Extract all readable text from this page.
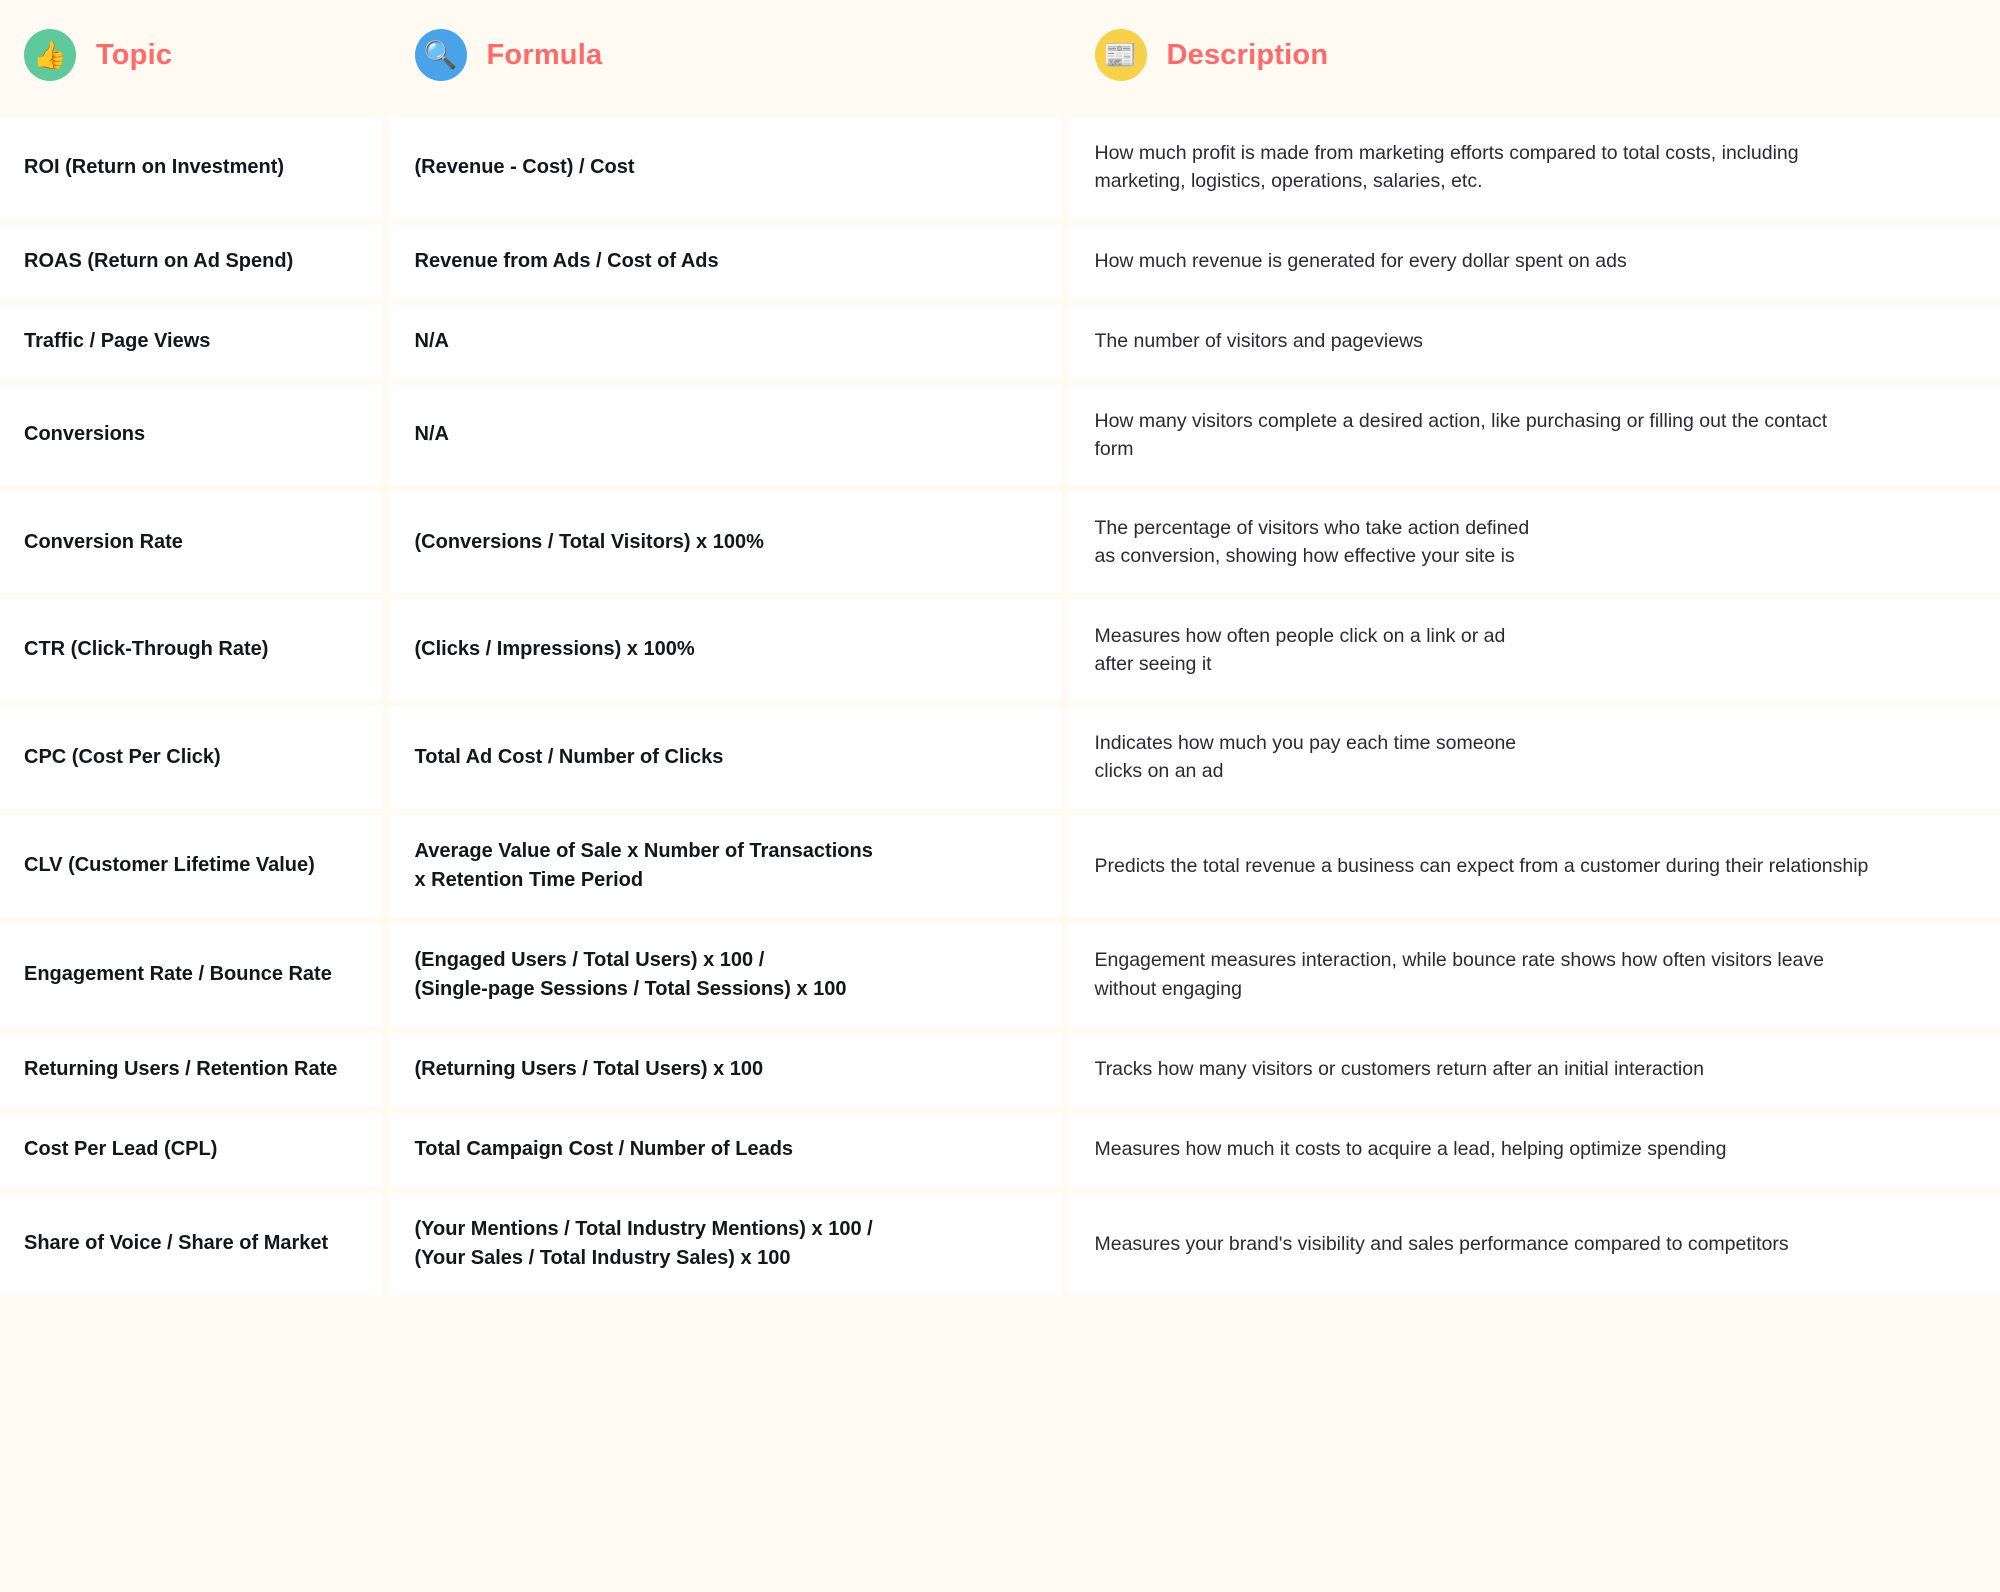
👍 Topic	🔍 Formula	📰 Description

ROI (Return on Investment)	(Revenue - Cost) / Cost	How much profit is made from marketing efforts compared to total costs, including
marketing, logistics, operations, salaries, etc.

ROAS (Return on Ad Spend)	Revenue from Ads / Cost of Ads	How much revenue is generated for every dollar spent on ads

Traffic / Page Views	N/A	The number of visitors and pageviews

Conversions	N/A	How many visitors complete a desired action, like purchasing or filling out the contact
form

Conversion Rate	(Conversions / Total Visitors) x 100%	The percentage of visitors who take action defined
as conversion, showing how effective your site is

CTR (Click-Through Rate)	(Clicks / Impressions) x 100%	Measures how often people click on a link or ad
after seeing it

CPC (Cost Per Click)	Total Ad Cost / Number of Clicks	Indicates how much you pay each time someone
clicks on an ad

CLV (Customer Lifetime Value)	Average Value of Sale x Number of Transactions
x Retention Time Period	Predicts the total revenue a business can expect from a customer during their relationship

Engagement Rate / Bounce Rate	(Engaged Users / Total Users) x 100 /
(Single-page Sessions / Total Sessions) x 100	Engagement measures interaction, while bounce rate shows how often visitors leave
without engaging

Returning Users / Retention Rate	(Returning Users / Total Users) x 100	Tracks how many visitors or customers return after an initial interaction

Cost Per Lead (CPL)	Total Campaign Cost / Number of Leads	Measures how much it costs to acquire a lead, helping optimize spending

Share of Voice / Share of Market	(Your Mentions / Total Industry Mentions) x 100 /
(Your Sales / Total Industry Sales) x 100	Measures your brand's visibility and sales performance compared to competitors
